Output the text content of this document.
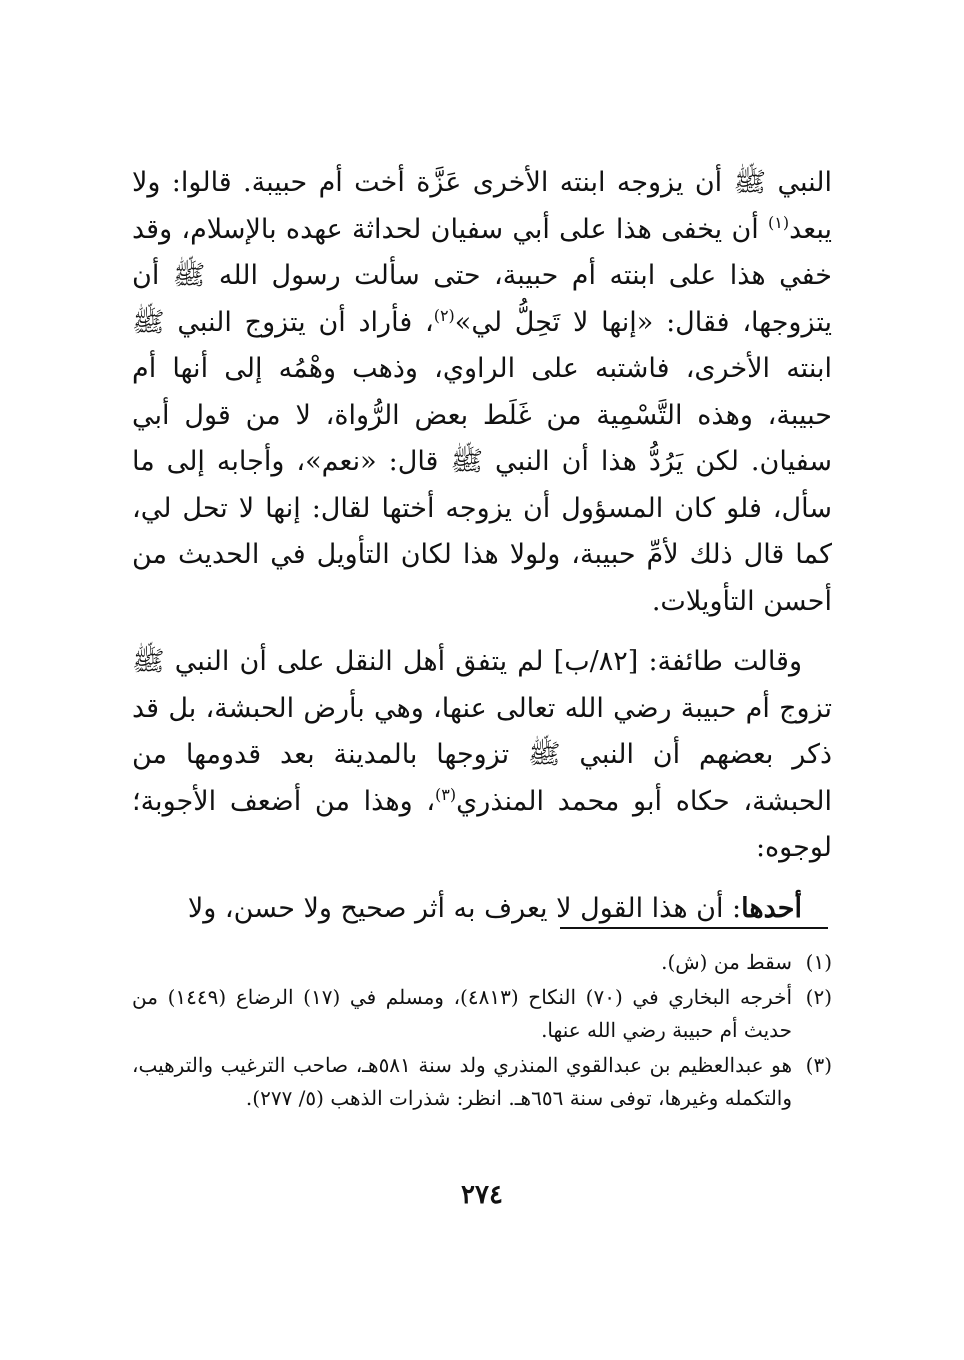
النبي ﷺ أن يزوجه ابنته الأخرى عَزَّة أخت أم حبيبة. قالوا: ولا يبعد$^{(١)}$ أن يخفى هذا على أبي سفيان لحداثة عهده بالإسلام، وقد خفي هذا على ابنته أم حبيبة، حتى سألت رسول الله ﷺ أن يتزوجها، فقال: «إنها لا تَحِلُّ لي»$^{(٢)}$، فأراد أن يتزوج النبي ﷺ ابنته الأخرى، فاشتبه على الراوي، وذهب وهْمُه إلى أنها أم حبيبة، وهذه التَّسْمِية من غَلَط بعض الرُّواة، لا من قول أبي سفيان. لكن يَرُدُّ هذا أن النبي ﷺ قال: «نعم»، وأجابه إلى ما سأل، فلو كان المسؤول أن يزوجه أختها لقال: إنها لا تحل لي، كما قال ذلك لأمِّ حبيبة، ولولا هذا لكان التأويل في الحديث من أحسن التأويلات.

وقالت طائفة: [٨٢/ب] لم يتفق أهل النقل على أن النبي ﷺ تزوج أم حبيبة رضي الله تعالى عنها، وهي بأرض الحبشة، بل قد ذكر بعضهم أن النبي ﷺ تزوجها بالمدينة بعد قدومها من الحبشة، حكاه أبو محمد المنذري$^{(٣)}$، وهذا من أضعف الأجوبة؛ لوجوه:

أحدها: أن هذا القول لا يعرف به أثر صحيح ولا حسن، ولا

(١)
سقط من (ش).
(٢)
أخرجه البخاري في (٧٠) النكاح (٤٨١٣)، ومسلم في (١٧) الرضاع (١٤٤٩) من حديث أم حبيبة رضي الله عنها.
(٣)
هو عبدالعظيم بن عبدالقوي المنذري ولد سنة ٥٨١هـ، صاحب الترغيب والترهيب، والتكمله وغيرها، توفى سنة ٦٥٦هـ. انظر: شذرات الذهب (٥/ ٢٧٧).
٢٧٤
